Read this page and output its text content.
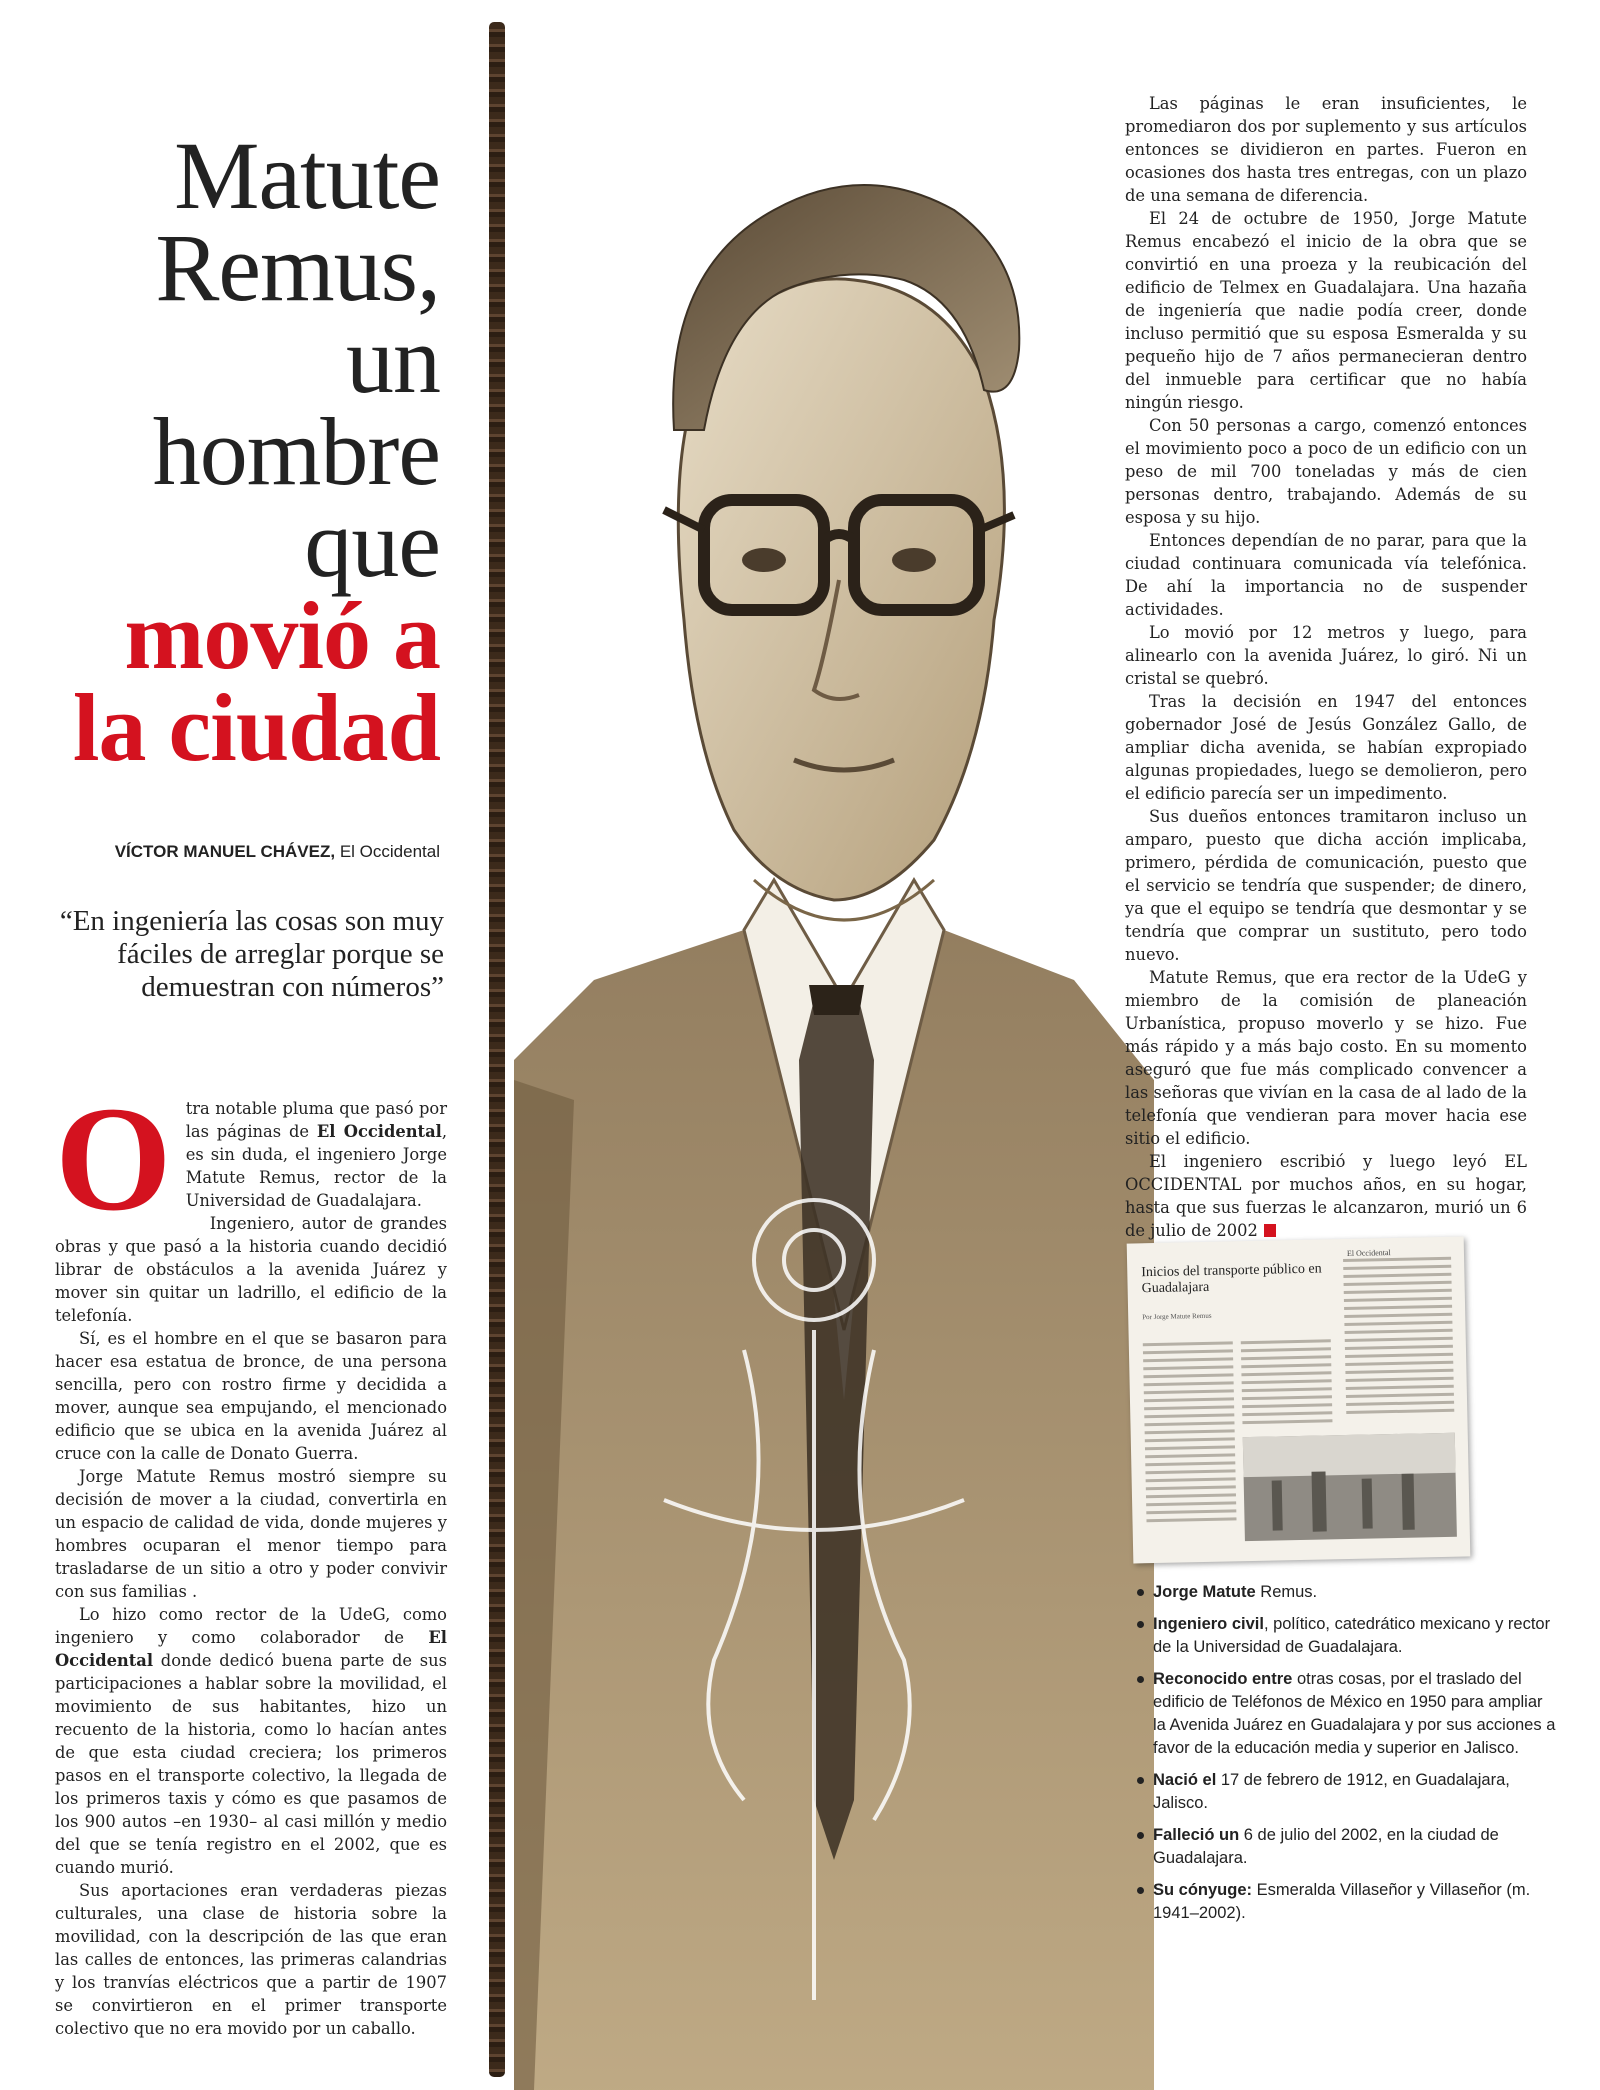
Matute
Remus,
un
hombre
que
movió a
la ciudad
VÍCTOR MANUEL CHÁVEZ, El Occidental
“En ingeniería las cosas son muy fáciles de arreglar porque se demuestran con números”
O tra notable pluma que pasó por las páginas de El Occidental, es sin duda, el ingeniero Jorge Matute Remus, rector de la Universidad de Guadalajara.

Ingeniero, autor de grandes obras y que pasó a la historia cuando decidió librar de obstáculos a la avenida Juárez y mover sin quitar un ladrillo, el edificio de la telefonía.

Sí, es el hombre en el que se basaron para hacer esa estatua de bronce, de una persona sencilla, pero con rostro firme y decidida a mover, aunque sea empujando, el mencionado edificio que se ubica en la avenida Juárez al cruce con la calle de Donato Guerra.

Jorge Matute Remus mostró siempre su decisión de mover a la ciudad, convertirla en un espacio de calidad de vida, donde mujeres y hombres ocuparan el menor tiempo para trasladarse de un sitio a otro y poder convivir con sus familias .

Lo hizo como rector de la UdeG, como ingeniero y como colaborador de El Occidental donde dedicó buena parte de sus participaciones a hablar sobre la movilidad, el movimiento de sus habitantes, hizo un recuento de la historia, como lo hacían antes de que esta ciudad creciera; los primeros pasos en el transporte colectivo, la llegada de los primeros taxis y cómo es que pasamos de los 900 autos –en 1930– al casi millón y medio del que se tenía registro en el 2002, que es cuando murió.

Sus aportaciones eran verdaderas piezas culturales, una clase de historia sobre la movilidad, con la descripción de las que eran las calles de entonces, las primeras calandrias y los tranvías eléctricos que a partir de 1907 se convirtieron en el primer transporte colectivo que no era movido por un caballo.

Las páginas le eran insuficientes, le promediaron dos por suplemento y sus artículos entonces se dividieron en partes. Fueron en ocasiones dos hasta tres entregas, con un plazo de una semana de diferencia.

El 24 de octubre de 1950, Jorge Matute Remus encabezó el inicio de la obra que se convirtió en una proeza y la reubicación del edificio de Telmex en Guadalajara. Una hazaña de ingeniería que nadie podía creer, donde incluso permitió que su esposa Esmeralda y su pequeño hijo de 7 años permanecieran dentro del inmueble para certificar que no había ningún riesgo.

Con 50 personas a cargo, comenzó entonces el movimiento poco a poco de un edificio con un peso de mil 700 toneladas y más de cien personas dentro, trabajando. Además de su esposa y su hijo.

Entonces dependían de no parar, para que la ciudad continuara comunicada vía telefónica. De ahí la importancia no de suspender actividades.

Lo movió por 12 metros y luego, para alinearlo con la avenida Juárez, lo giró. Ni un cristal se quebró.

Tras la decisión en 1947 del entonces gobernador José de Jesús González Gallo, de ampliar dicha avenida, se habían expropiado algunas propiedades, luego se demolieron, pero el edificio parecía ser un impedimento.

Sus dueños entonces tramitaron incluso un amparo, puesto que dicha acción implicaba, primero, pérdida de comunicación, puesto que el servicio se tendría que suspender; de dinero, ya que el equipo se tendría que desmontar y se tendría que comprar un sustituto, pero todo nuevo.

Matute Remus, que era rector de la UdeG y miembro de la comisión de planeación Urbanística, propuso moverlo y se hizo. Fue más rápido y a más bajo costo. En su momento aseguró que fue más complicado convencer a las señoras que vivían en la casa de al lado de la telefonía que vendieran para mover hacia ese sitio el edificio.

El ingeniero escribió y luego leyó EL OCCIDENTAL por muchos años, en su hogar, hasta que sus fuerzas le alcanzaron, murió un 6 de julio de 2002

El Occidental
Inicios del transporte público en Guadalajara
Por Jorge Matute Remus
Jorge Matute Remus.
Ingeniero civil, político, catedrático mexicano y rector de la Universidad de Guadalajara.
Reconocido entre otras cosas, por el traslado del edificio de Teléfonos de México en 1950 para ampliar la Avenida Juárez en Guadalajara y por sus acciones a favor de la educación media y superior en Jalisco.
Nació el 17 de febrero de 1912, en Guadalajara, Jalisco.
Falleció un 6 de julio del 2002, en la ciudad de Guadalajara.
Su cónyuge: Esmeralda Villaseñor y Villaseñor (m. 1941–2002).
